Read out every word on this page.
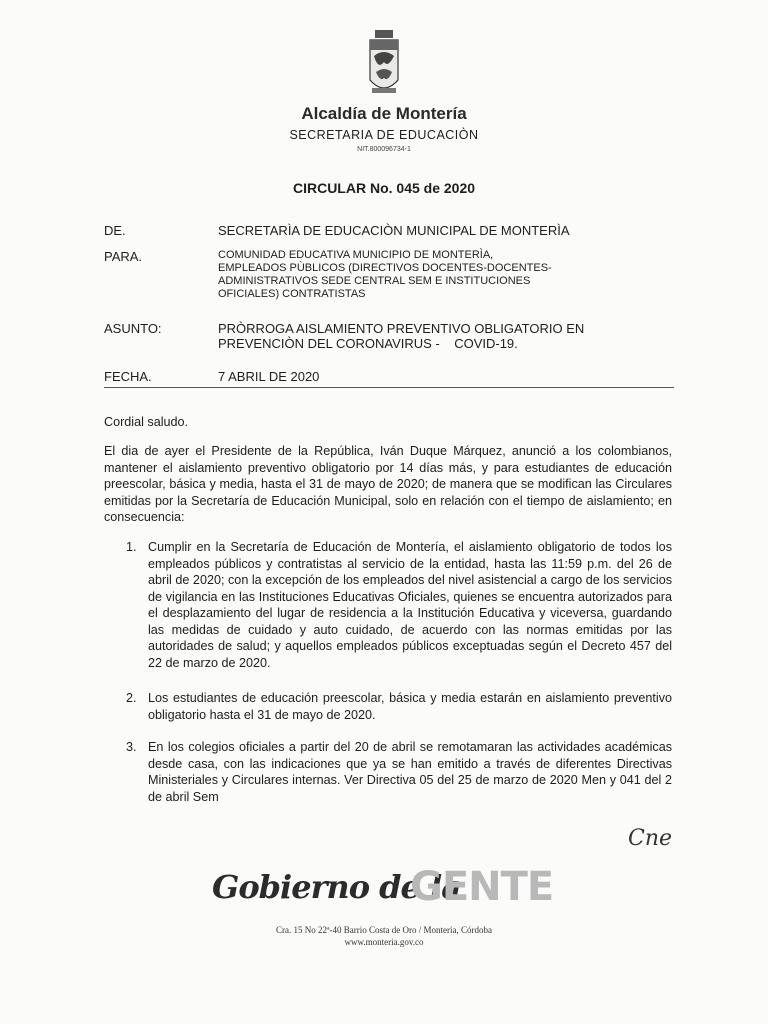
Alcaldía de Montería
SECRETARIA DE EDUCACIÒN
NIT.800096734-1
CIRCULAR No. 045 de 2020
DE.	SECRETARÌA DE EDUCACIÒN MUNICIPAL DE MONTERÌA
PARA.	COMUNIDAD EDUCATIVA MUNICIPIO DE MONTERÌA,
EMPLEADOS PÙBLICOS (DIRECTIVOS DOCENTES-DOCENTES-
ADMINISTRATIVOS SEDE CENTRAL SEM E INSTITUCIONES
OFICIALES) CONTRATISTAS
ASUNTO:	PRÒRROGA AISLAMIENTO PREVENTIVO OBLIGATORIO EN
PREVENCIÒN DEL CORONAVIRUS -    COVID-19.
FECHA.	7 ABRIL DE 2020
Cordial saludo.
El dia de ayer el Presidente de la República, Iván Duque Márquez, anunció a los colombianos, mantener el aislamiento preventivo obligatorio por 14 días más, y para estudiantes de educación preescolar, básica y media, hasta el 31 de mayo de 2020; de manera que se modifican las Circulares emitidas por la Secretaría de Educación Municipal, solo en relación con el tiempo de aislamiento; en consecuencia:
1. Cumplir en la Secretaría de Educación de Montería, el aislamiento obligatorio de todos los empleados públicos y contratistas al servicio de la entidad, hasta las 11:59 p.m. del 26 de abril de 2020; con la excepción de los empleados del nivel asistencial a cargo de los servicios de vigilancia en las Instituciones Educativas Oficiales, quienes se encuentra autorizados para el desplazamiento del lugar de residencia a la Institución Educativa y viceversa, guardando las medidas de cuidado y auto cuidado, de acuerdo con las normas emitidas por las autoridades de salud; y aquellos empleados públicos exceptuadas según el Decreto 457 del 22 de marzo de 2020.
2. Los estudiantes de educación preescolar, básica y media estarán en aislamiento preventivo obligatorio hasta el 31 de mayo de 2020.
3. En los colegios oficiales a partir del 20 de abril se remotamaran las actividades académicas desde casa, con las indicaciones que ya se han emitido a través de diferentes Directivas Ministeriales y Circulares internas. Ver Directiva 05 del 25 de marzo de 2020 Men y 041 del 2 de abril Sem
Cne
Gobierno de la
GENTE
Cra. 15 No 22ª-40 Barrio Costa de Oro / Montería, Córdoba
www.monteria.gov.co
